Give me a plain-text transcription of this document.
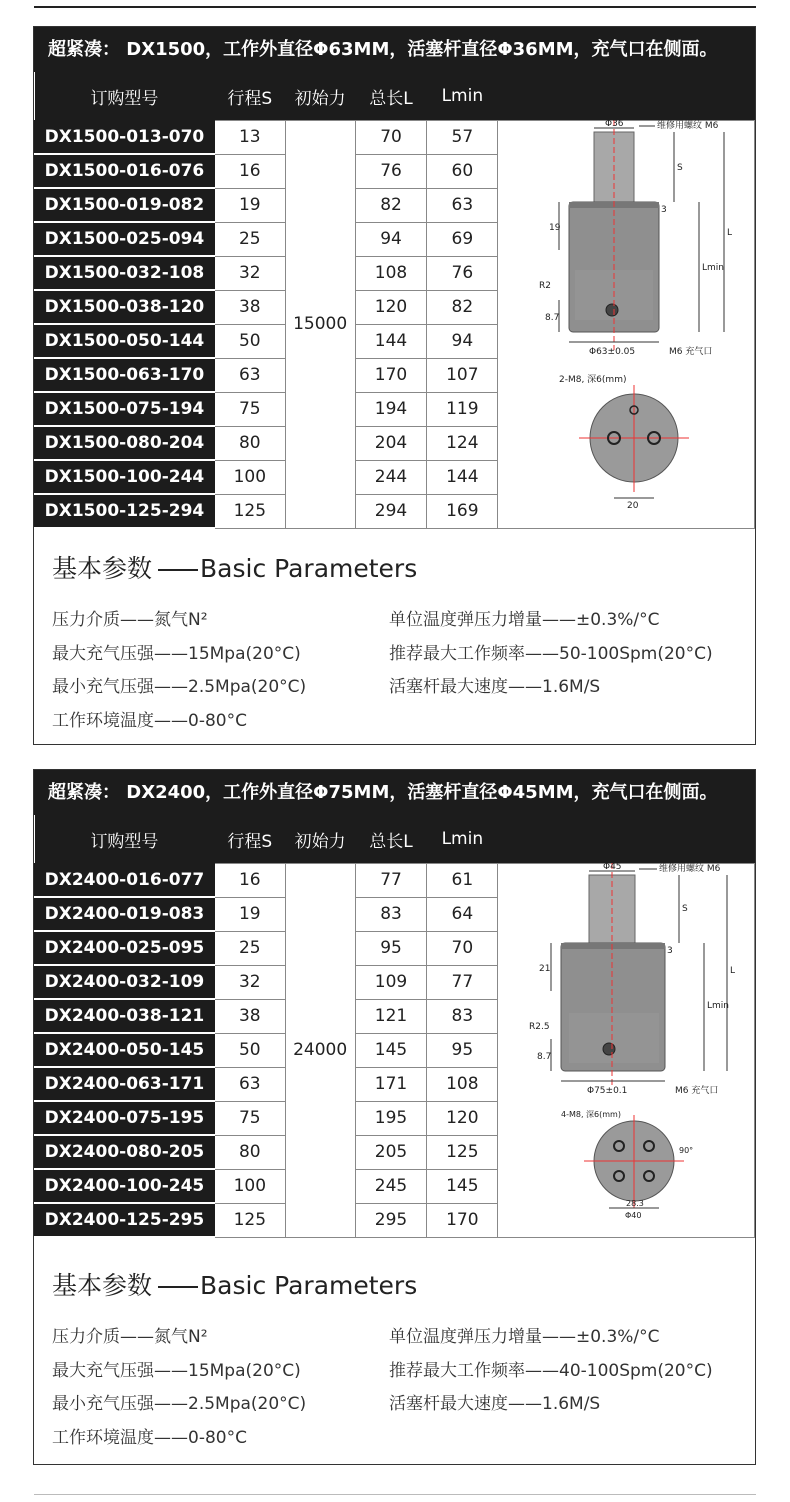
超紧凑： DX1500，工作外直径Φ63MM，活塞杆直径Φ36MM，充气口在侧面。
订购型号	行程S	初始力	总长L	Lmin	
DX1500-013-070	13	15000	70	57	
DX1500-016-076	16		76	60	
DX1500-019-082	19		82	63	
DX1500-025-094	25		94	69	
DX1500-032-108	32		108	76	
DX1500-038-120	38		120	82	
DX1500-050-144	50		144	94	
DX1500-063-170	63		170	107	
DX1500-075-194	75		194	119	
DX1500-080-204	80		204	124	
DX1500-100-244	100		244	144	
DX1500-125-294	125		294	169	
Φ36	维修用螺纹 M6
L
Lmin
S
3
19
R2
8.7
Φ63±0.05	M6 充气口
2-M8, 深6(mm)
20
基本参数 Basic Parameters
压力介质——氮气N²
最大充气压强——15Mpa(20°C)
最小充气压强——2.5Mpa(20°C)
工作环境温度——0-80°C
单位温度弹压力增量——±0.3%/°C
推荐最大工作频率——50-100Spm(20°C)
活塞杆最大速度——1.6M/S
超紧凑： DX2400，工作外直径Φ75MM，活塞杆直径Φ45MM，充气口在侧面。
订购型号	行程S	初始力	总长L	Lmin	
DX2400-016-077	16	24000	77	61	
DX2400-019-083	19		83	64	
DX2400-025-095	25		95	70	
DX2400-032-109	32		109	77	
DX2400-038-121	38		121	83	
DX2400-050-145	50		145	95	
DX2400-063-171	63		171	108	
DX2400-075-195	75		195	120	
DX2400-080-205	80		205	125	
DX2400-100-245	100		245	145	
DX2400-125-295	125		295	170	
Φ45	维修用螺纹 M6
L
Lmin
S
3
21
R2.5
8.7
Φ75±0.1	M6 充气口
4-M8, 深6(mm)
90°
28.3
Φ40
基本参数 Basic Parameters
压力介质——氮气N²
最大充气压强——15Mpa(20°C)
最小充气压强——2.5Mpa(20°C)
工作环境温度——0-80°C
单位温度弹压力增量——±0.3%/°C
推荐最大工作频率——40-100Spm(20°C)
活塞杆最大速度——1.6M/S
